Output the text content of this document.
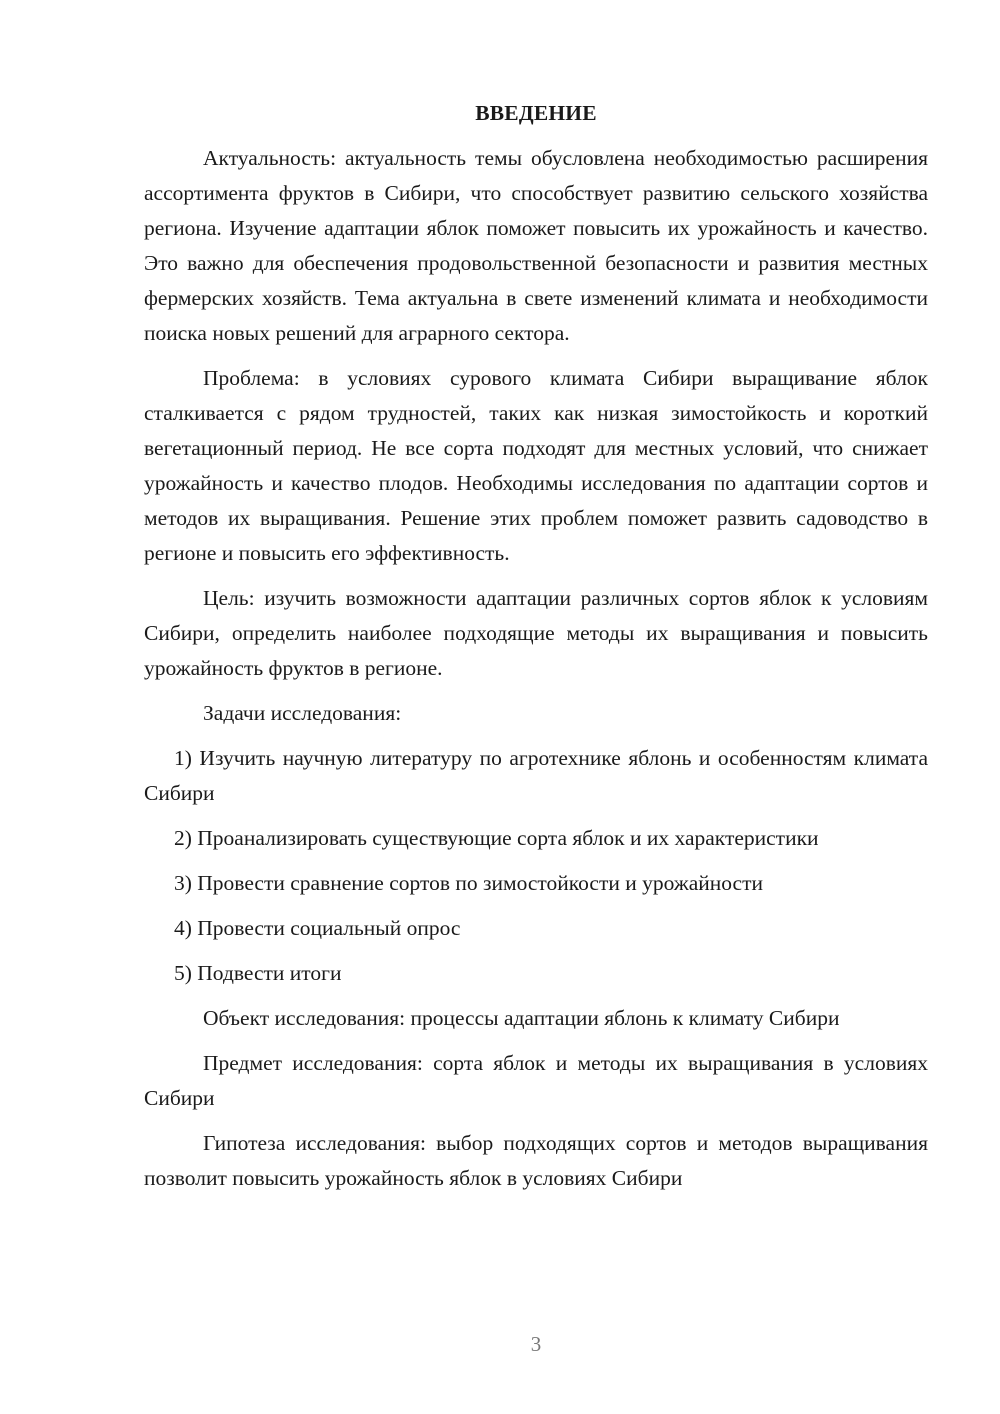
ВВЕДЕНИЕ
Актуальность: актуальность темы обусловлена необходимостью расширения ассортимента фруктов в Сибири, что способствует развитию сельского хозяйства региона. Изучение адаптации яблок поможет повысить их урожайность и качество. Это важно для обеспечения продовольственной безопасности и развития местных фермерских хозяйств. Тема актуальна в свете изменений климата и необходимости поиска новых решений для аграрного сектора.
Проблема: в условиях сурового климата Сибири выращивание яблок сталкивается с рядом трудностей, таких как низкая зимостойкость и короткий вегетационный период. Не все сорта подходят для местных условий, что снижает урожайность и качество плодов. Необходимы исследования по адаптации сортов и методов их выращивания. Решение этих проблем поможет развить садоводство в регионе и повысить его эффективность.
Цель: изучить возможности адаптации различных сортов яблок к условиям Сибири, определить наиболее подходящие методы их выращивания и повысить урожайность фруктов в регионе.
Задачи исследования:
1) Изучить научную литературу по агротехнике яблонь и особенностям климата Сибири
2) Проанализировать существующие сорта яблок и их характеристики
3) Провести сравнение сортов по зимостойкости и урожайности
4) Провести социальный опрос
5) Подвести итоги
Объект исследования: процессы адаптации яблонь к климату Сибири
Предмет исследования: сорта яблок и методы их выращивания в условиях Сибири
Гипотеза исследования: выбор подходящих сортов и методов выращивания позволит повысить урожайность яблок в условиях Сибири
3
